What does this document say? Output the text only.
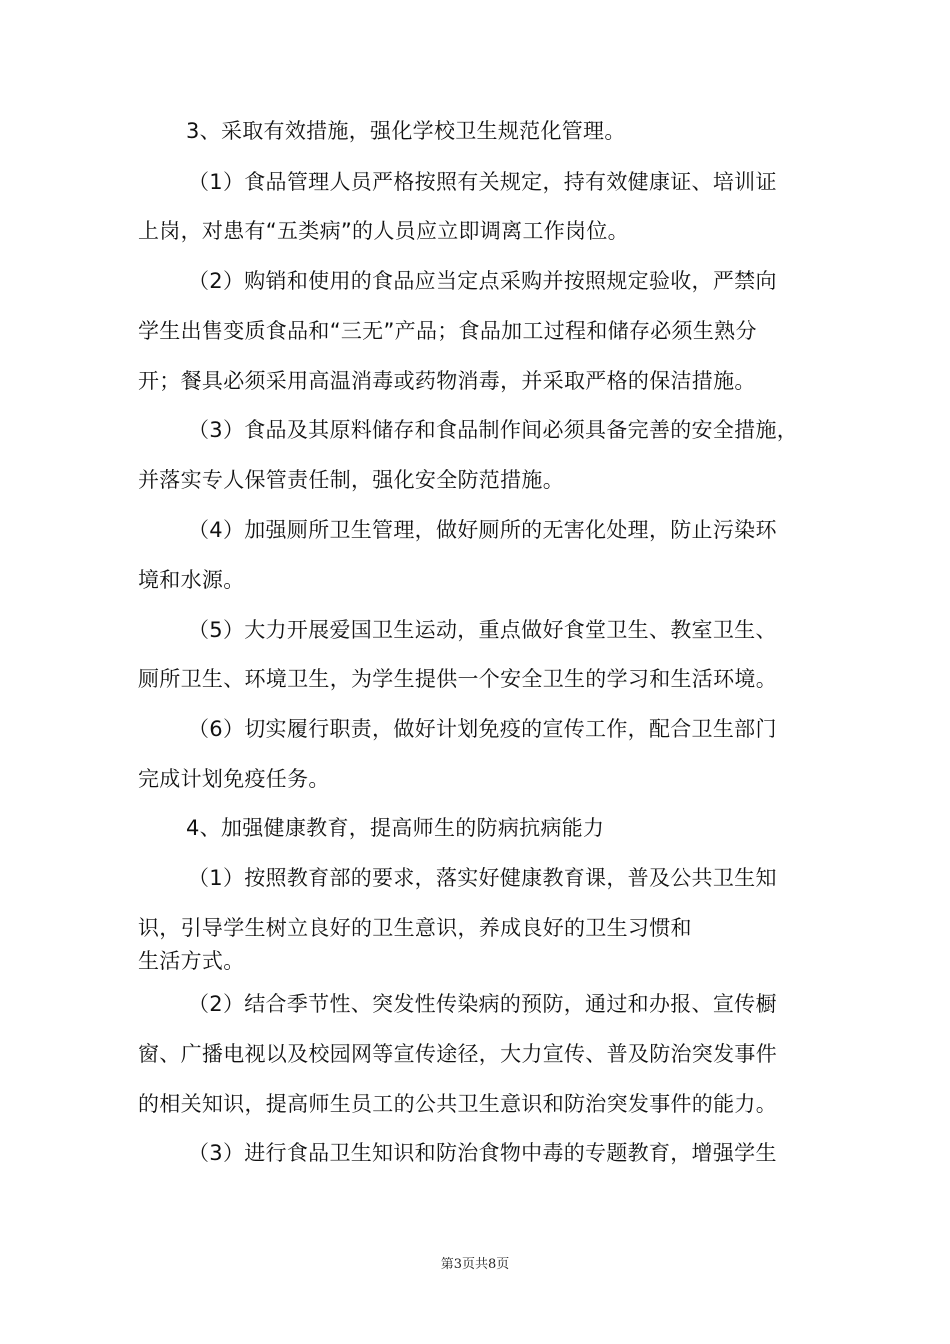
3、采取有效措施，强化学校卫生规范化管理。
（1）食品管理人员严格按照有关规定，持有效健康证、培训证
上岗，对患有“五类病”的人员应立即调离工作岗位。
（2）购销和使用的食品应当定点采购并按照规定验收，严禁向
学生出售变质食品和“三无”产品；食品加工过程和储存必须生熟分
开；餐具必须采用高温消毒或药物消毒，并采取严格的保洁措施。
（3）食品及其原料储存和食品制作间必须具备完善的安全措施，
并落实专人保管责任制，强化安全防范措施。
（4）加强厕所卫生管理，做好厕所的无害化处理，防止污染环
境和水源。
（5）大力开展爱国卫生运动，重点做好食堂卫生、教室卫生、
厕所卫生、环境卫生，为学生提供一个安全卫生的学习和生活环境。
（6）切实履行职责，做好计划免疫的宣传工作，配合卫生部门
完成计划免疫任务。
4、加强健康教育，提高师生的防病抗病能力
（1）按照教育部的要求，落实好健康教育课，普及公共卫生知
识，引导学生树立良好的卫生意识，养成良好的卫生习惯和
生活方式。
（2）结合季节性、突发性传染病的预防，通过和办报、宣传橱
窗、广播电视以及校园网等宣传途径，大力宣传、普及防治突发事件
的相关知识，提高师生员工的公共卫生意识和防治突发事件的能力。
（3）进行食品卫生知识和防治食物中毒的专题教育，增强学生
第3页共8页
